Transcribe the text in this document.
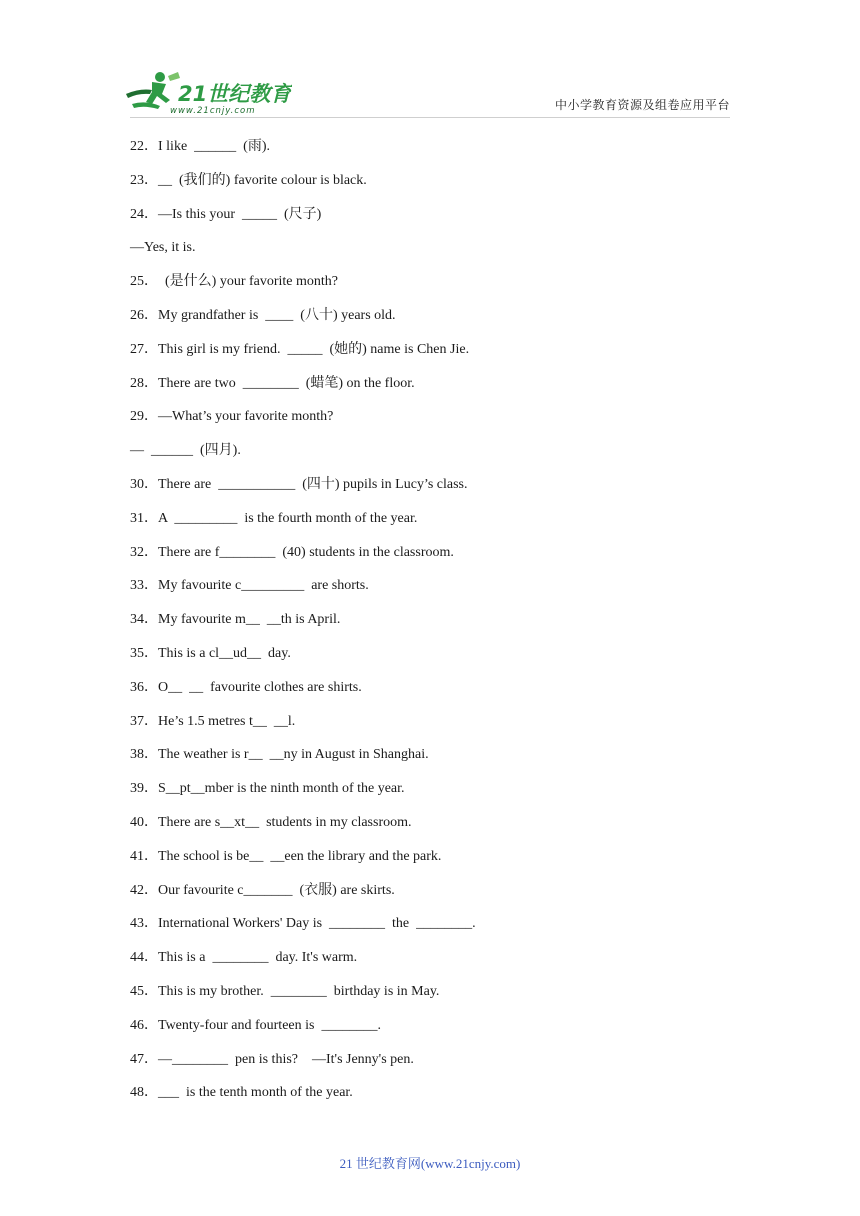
21世纪教育
www.21cnjy.com	中小学教育资源及组卷应用平台
22．I like  ______  (雨).
23．__  (我们的) favorite colour is black.
24．—Is this your  _____  (尺子)
—Yes, it is.
25．  (是什么) your favorite month?
26．My grandfather is  ____  (八十) years old.
27．This girl is my friend.  _____  (她的) name is Chen Jie.
28．There are two  ________  (蜡笔) on the floor.
29．—What’s your favorite month?
—  ______  (四月).
30．There are  ___________  (四十) pupils in Lucy’s class.
31．A  _________  is the fourth month of the year.
32．There are f________  (40) students in the classroom.
33．My favourite c_________  are shorts.
34．My favourite m__  __th is April.
35．This is a cl__ud__  day.
36．O__  __  favourite clothes are shirts.
37．He’s 1.5 metres t__  __l.
38．The weather is r__  __ny in August in Shanghai.
39．S__pt__mber is the ninth month of the year.
40．There are s__xt__  students in my classroom.
41．The school is be__  __een the library and the park.
42．Our favourite c_______  (衣服) are skirts.
43．International Workers' Day is  ________  the  ________.
44．This is a  ________  day. It's warm.
45．This is my brother.  ________  birthday is in May.
46．Twenty-four and fourteen is  ________.
47．—________  pen is this?    —It's Jenny's pen.
48．___  is the tenth month of the year.
21 世纪教育网(www.21cnjy.com)
